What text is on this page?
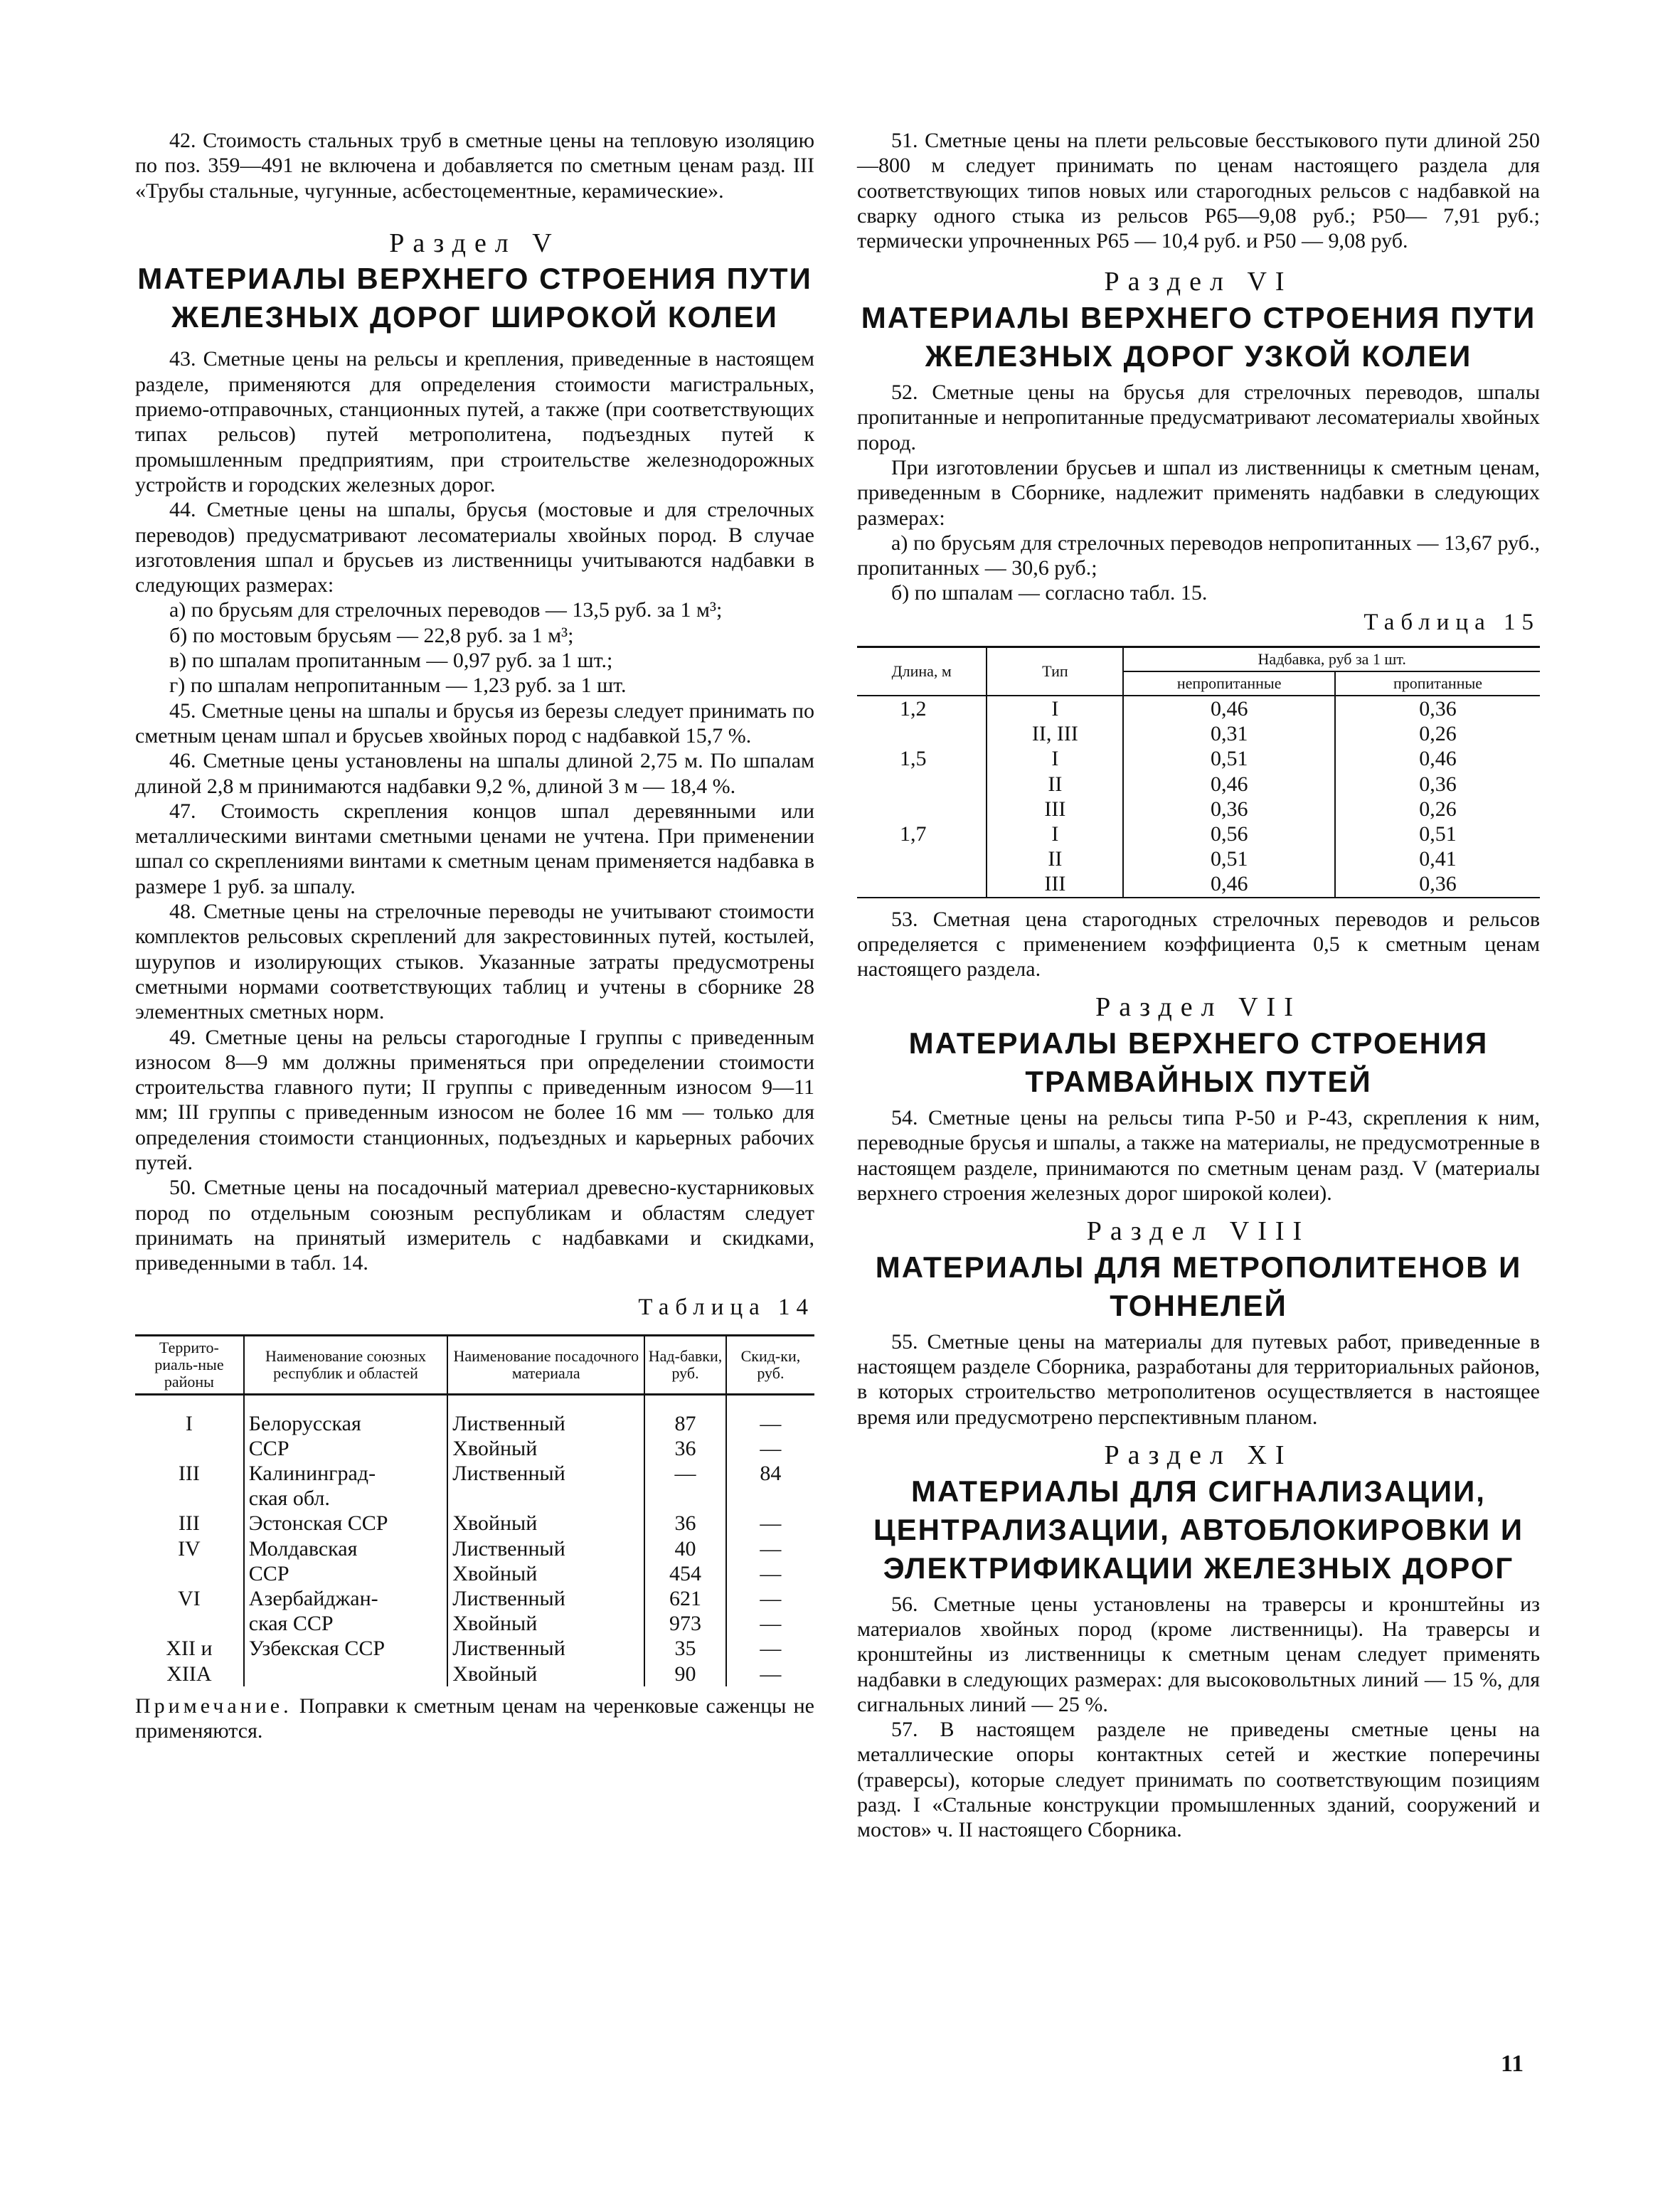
42. Стоимость стальных труб в сметные цены на тепловую изоляцию по поз. 359—491 не включена и добавляется по сметным ценам разд. III «Трубы стальные, чугунные, асбестоцементные, керамические».

Раздел V

МАТЕРИАЛЫ ВЕРХНЕГО СТРОЕНИЯ ПУТИ ЖЕЛЕЗНЫХ ДОРОГ ШИРОКОЙ КОЛЕИ

43. Сметные цены на рельсы и крепления, приведенные в настоящем разделе, применяются для определения стоимости магистральных, приемо-отправочных, станционных путей, а также (при соответствующих типах рельсов) путей метрополитена, подъездных путей к промышленным предприятиям, при строительстве железнодорожных устройств и городских железных дорог.

44. Сметные цены на шпалы, брусья (мостовые и для стрелочных переводов) предусматривают лесоматериалы хвойных пород. В случае изготовления шпал и брусьев из лиственницы учитываются надбавки в следующих размерах:

а) по брусьям для стрелочных переводов — 13,5 руб. за 1 м³;

б) по мостовым брусьям — 22,8 руб. за 1 м³;

в) по шпалам пропитанным — 0,97 руб. за 1 шт.;

г) по шпалам непропитанным — 1,23 руб. за 1 шт.

45. Сметные цены на шпалы и брусья из березы следует принимать по сметным ценам шпал и брусьев хвойных пород с надбавкой 15,7 %.

46. Сметные цены установлены на шпалы длиной 2,75 м. По шпалам длиной 2,8 м принимаются надбавки 9,2 %, длиной 3 м — 18,4 %.

47. Стоимость скрепления концов шпал деревянными или металлическими винтами сметными ценами не учтена. При применении шпал со скреплениями винтами к сметным ценам применяется надбавка в размере 1 руб. за шпалу.

48. Сметные цены на стрелочные переводы не учитывают стоимости комплектов рельсовых скреплений для закрестовинных путей, костылей, шурупов и изолирующих стыков. Указанные затраты предусмотрены сметными нормами соответствующих таблиц и учтены в сборнике 28 элементных сметных норм.

49. Сметные цены на рельсы старогодные I группы с приведенным износом 8—9 мм должны применяться при определении стоимости строительства главного пути; II группы с приведенным износом 9—11 мм; III группы с приведенным износом не более 16 мм — только для определения стоимости станционных, подъездных и карьерных рабочих путей.

50. Сметные цены на посадочный материал древесно-кустарниковых пород по отдельным союзным республикам и областям следует принимать на принятый измеритель с надбавками и скидками, приведенными в табл. 14.

Таблица 14

Террито-риаль-ные районы	Наименование союзных республик и областей	Наименование посадочного материала	Над-бавки, руб.	Скид-ки, руб.
I	Белорусская	Лиственный	87	—
	ССР	Хвойный	36	—
III	Калининград-	Лиственный	—	84
	ская обл.			
III	Эстонская ССР	Хвойный	36	—
IV	Молдавская	Лиственный	40	—
	ССР	Хвойный	454	—
VI	Азербайджан-	Лиственный	621	—
	ская ССР	Хвойный	973	—
XII и	Узбекская ССР	Лиственный	35	—
XIIA		Хвойный	90	—

Примечание. Поправки к сметным ценам на черенковые саженцы не применяются.

51. Сметные цены на плети рельсовые бесстыкового пути длиной 250—800 м следует принимать по ценам настоящего раздела для соответствующих типов новых или старогодных рельсов с надбавкой на сварку одного стыка из рельсов Р65—9,08 руб.; Р50— 7,91 руб.; термически упрочненных Р65 — 10,4 руб. и Р50 — 9,08 руб.

Раздел VI

МАТЕРИАЛЫ ВЕРХНЕГО СТРОЕНИЯ ПУТИ ЖЕЛЕЗНЫХ ДОРОГ УЗКОЙ КОЛЕИ

52. Сметные цены на брусья для стрелочных переводов, шпалы пропитанные и непропитанные предусматривают лесоматериалы хвойных пород.

При изготовлении брусьев и шпал из лиственницы к сметным ценам, приведенным в Сборнике, надлежит применять надбавки в следующих размерах:

а) по брусьям для стрелочных переводов непропитанных — 13,67 руб., пропитанных — 30,6 руб.;

б) по шпалам — согласно табл. 15.

Таблица 15

Длина, м	Тип	Надбавка, руб за 1 шт.	
		непропитанные	пропитанные
1,2	I	0,46	0,36
	II, III	0,31	0,26
1,5	I	0,51	0,46
	II	0,46	0,36
	III	0,36	0,26
1,7	I	0,56	0,51
	II	0,51	0,41
	III	0,46	0,36

53. Сметная цена старогодных стрелочных переводов и рельсов определяется с применением коэффициента 0,5 к сметным ценам настоящего раздела.

Раздел VII

МАТЕРИАЛЫ ВЕРХНЕГО СТРОЕНИЯ ТРАМВАЙНЫХ ПУТЕЙ

54. Сметные цены на рельсы типа Р-50 и Р-43, скрепления к ним, переводные брусья и шпалы, а также на материалы, не предусмотренные в настоящем разделе, принимаются по сметным ценам разд. V (материалы верхнего строения железных дорог широкой колеи).

Раздел VIII

МАТЕРИАЛЫ ДЛЯ МЕТРОПОЛИТЕНОВ И ТОННЕЛЕЙ

55. Сметные цены на материалы для путевых работ, приведенные в настоящем разделе Сборника, разработаны для территориальных районов, в которых строительство метрополитенов осуществляется в настоящее время или предусмотрено перспективным планом.

Раздел XI

МАТЕРИАЛЫ ДЛЯ СИГНАЛИЗАЦИИ, ЦЕНТРАЛИЗАЦИИ, АВТОБЛОКИРОВКИ И ЭЛЕКТРИФИКАЦИИ ЖЕЛЕЗНЫХ ДОРОГ

56. Сметные цены установлены на траверсы и кронштейны из материалов хвойных пород (кроме лиственницы). На траверсы и кронштейны из лиственницы к сметным ценам следует применять надбавки в следующих размерах: для высоковольтных линий — 15 %, для сигнальных линий — 25 %.

57. В настоящем разделе не приведены сметные цены на металлические опоры контактных сетей и жесткие поперечины (траверсы), которые следует принимать по соответствующим позициям разд. I «Стальные конструкции промышленных зданий, сооружений и мостов» ч. II настоящего Сборника.

11
